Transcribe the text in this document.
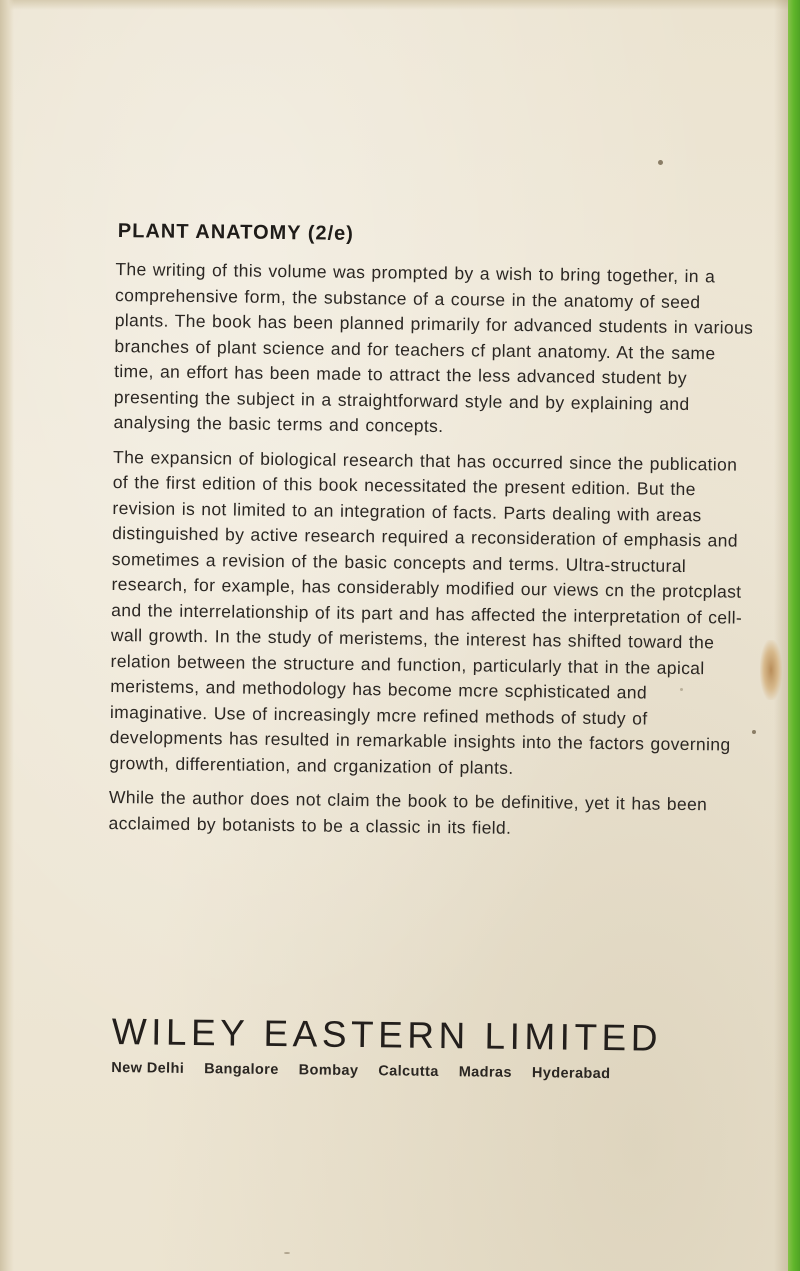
PLANT ANATOMY (2/e)

The writing of this volume was prompted by a wish to bring together, in a comprehensive form, the substance of a course in the anatomy of seed plants. The book has been planned primarily for advanced students in various branches of plant science and for teachers cf plant anatomy. At the same time, an effort has been made to attract the less advanced student by presenting the subject in a straightforward style and by explaining and analysing the basic terms and concepts.

The expansicn of biological research that has occurred since the publication of the first edition of this book necessitated the present edition. But the revision is not limited to an integration of facts. Parts dealing with areas distinguished by active research required a reconsideration of emphasis and sometimes a revision of the basic concepts and terms. Ultra-structural research, for example, has considerably modified our views cn the protcplast and the interrelationship of its part and has affected the interpretation of cell-wall growth. In the study of meristems, the interest has shifted toward the relation between the structure and function, particularly that in the apical meristems, and methodology has become mcre scphisticated and imaginative. Use of increasingly mcre refined methods of study of developments has resulted in remarkable insights into the factors governing growth, differentiation, and crganization of plants.

While the author does not claim the book to be definitive, yet it has been acclaimed by botanists to be a classic in its field.

WILEY EASTERN LIMITED
New Delhi Bangalore Bombay Calcutta Madras Hyderabad
